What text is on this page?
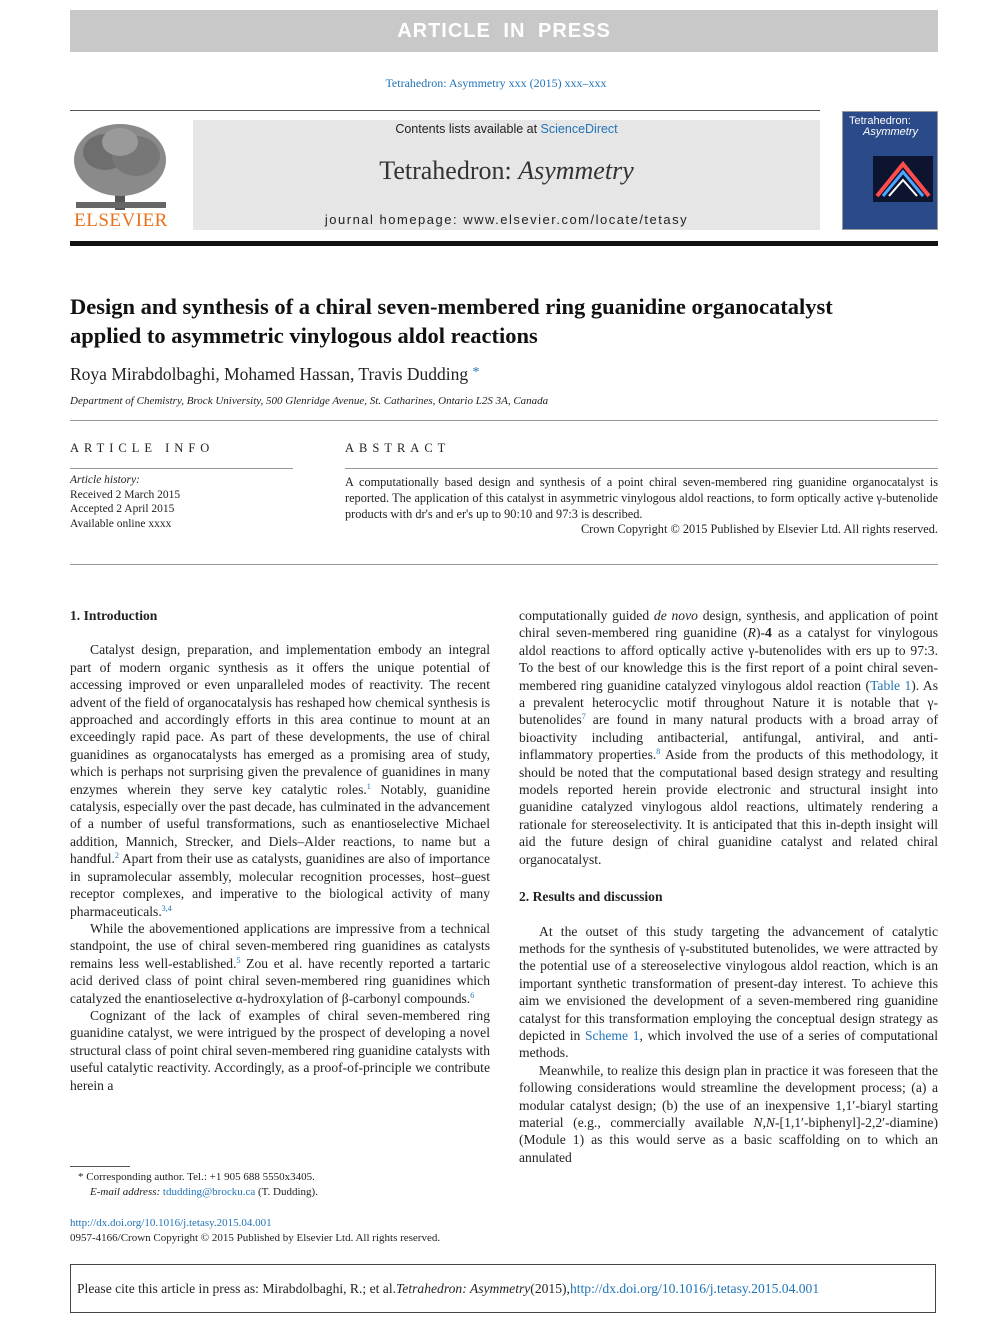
ARTICLE IN PRESS
Tetrahedron: Asymmetry xxx (2015) xxx–xxx
ELSEVIER
Contents lists available at ScienceDirect
Tetrahedron: Asymmetry
journal homepage: www.elsevier.com/locate/tetasy
Tetrahedron:
Asymmetry
Design and synthesis of a chiral seven-membered ring guanidine organocatalyst applied to asymmetric vinylogous aldol reactions
Roya Mirabdolbaghi, Mohamed Hassan, Travis Dudding *
Department of Chemistry, Brock University, 500 Glenridge Avenue, St. Catharines, Ontario L2S 3A, Canada
ARTICLE INFO	ABSTRACT
Article history:
Received 2 March 2015
Accepted 2 April 2015
Available online xxxx
A computationally based design and synthesis of a point chiral seven-membered ring guanidine organocatalyst is reported. The application of this catalyst in asymmetric vinylogous aldol reactions, to form optically active γ-butenolide products with dr's and er's up to 90:10 and 97:3 is described.
Crown Copyright © 2015 Published by Elsevier Ltd. All rights reserved.
1. Introduction

Catalyst design, preparation, and implementation embody an integral part of modern organic synthesis as it offers the unique potential of accessing improved or even unparalleled modes of reactivity. The recent advent of the field of organocatalysis has reshaped how chemical synthesis is approached and accordingly efforts in this area continue to mount at an exceedingly rapid pace. As part of these developments, the use of chiral guanidines as organocatalysts has emerged as a promising area of study, which is perhaps not surprising given the prevalence of guanidines in many enzymes wherein they serve key catalytic roles.$^1$ Notably, guanidine catalysis, especially over the past decade, has culminated in the advancement of a number of useful transformations, such as enantioselective Michael addition, Mannich, Strecker, and Diels–Alder reactions, to name but a handful.$^2$ Apart from their use as catalysts, guanidines are also of importance in supramolecular assembly, molecular recognition processes, host–guest receptor complexes, and imperative to the biological activity of many pharmaceuticals.$^{3,4}$

While the abovementioned applications are impressive from a technical standpoint, the use of chiral seven-membered ring guanidines as catalysts remains less well-established.$^5$ Zou et al. have recently reported a tartaric acid derived class of point chiral seven-membered ring guanidines which catalyzed the enantioselective α-hydroxylation of β-carbonyl compounds.$^6$

Cognizant of the lack of examples of chiral seven-membered ring guanidine catalyst, we were intrigued by the prospect of developing a novel structural class of point chiral seven-membered ring guanidine catalysts with useful catalytic reactivity. Accordingly, as a proof-of-principle we contribute herein a

computationally guided de novo design, synthesis, and application of point chiral seven-membered ring guanidine (R)-4 as a catalyst for vinylogous aldol reactions to afford optically active γ-butenolides with ers up to 97:3. To the best of our knowledge this is the first report of a point chiral seven-membered ring guanidine catalyzed vinylogous aldol reaction (Table 1). As a prevalent heterocyclic motif throughout Nature it is notable that γ-butenolides$^7$ are found in many natural products with a broad array of bioactivity including antibacterial, antifungal, antiviral, and anti-inflammatory properties.$^8$ Aside from the products of this methodology, it should be noted that the computational based design strategy and resulting models reported herein provide electronic and structural insight into guanidine catalyzed vinylogous aldol reactions, ultimately rendering a rationale for stereoselectivity. It is anticipated that this in-depth insight will aid the future design of chiral guanidine catalyst and related chiral organocatalyst.

2. Results and discussion

At the outset of this study targeting the advancement of catalytic methods for the synthesis of γ-substituted butenolides, we were attracted by the potential use of a stereoselective vinylogous aldol reaction, which is an important synthetic transformation of present-day interest. To achieve this aim we envisioned the development of a seven-membered ring guanidine catalyst for this transformation employing the conceptual design strategy as depicted in Scheme 1, which involved the use of a series of computational methods.

Meanwhile, to realize this design plan in practice it was foreseen that the following considerations would streamline the development process; (a) a modular catalyst design; (b) the use of an inexpensive 1,1′-biaryl starting material (e.g., commercially available N,N-[1,1′-biphenyl]-2,2′-diamine) (Module 1) as this would serve as a basic scaffolding on to which an annulated

* Corresponding author. Tel.: +1 905 688 5550x3405.
E-mail address: tdudding@brocku.ca (T. Dudding).
http://dx.doi.org/10.1016/j.tetasy.2015.04.001
0957-4166/Crown Copyright © 2015 Published by Elsevier Ltd. All rights reserved.
Please cite this article in press as: Mirabdolbaghi, R.; et al. Tetrahedron: Asymmetry (2015), http://dx.doi.org/10.1016/j.tetasy.2015.04.001
